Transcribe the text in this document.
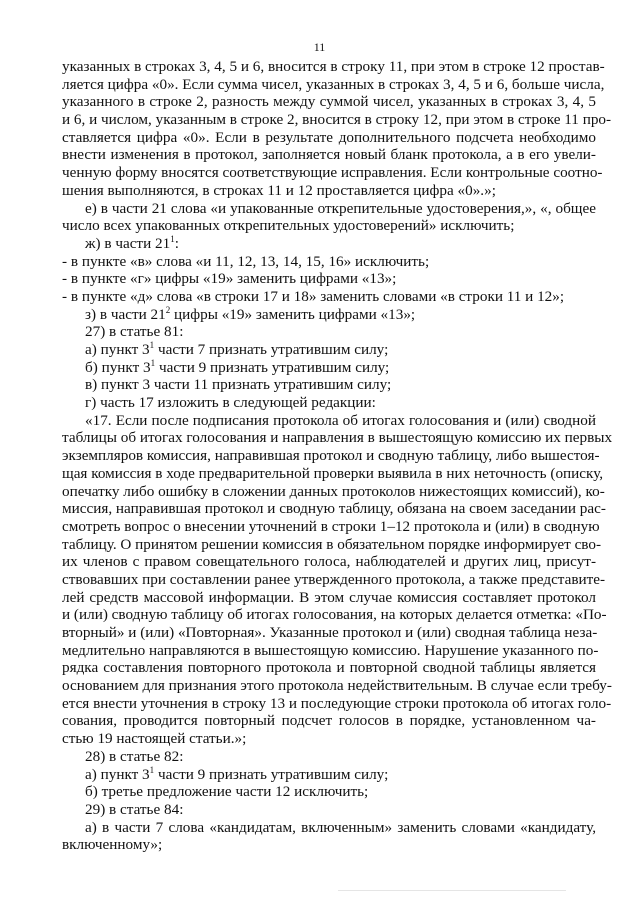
11
указанных в строках 3, 4, 5 и 6, вносится в строку 11, при этом в строке 12 простав-
ляется цифра «0». Если сумма чисел, указанных в строках 3, 4, 5 и 6, больше числа,
указанного в строке 2, разность между суммой чисел, указанных в строках 3, 4, 5
и 6, и числом, указанным в строке 2, вносится в строку 12, при этом в строке 11 про-
ставляется цифра «0». Если в результате дополнительного подсчета необходимо
внести изменения в протокол, заполняется новый бланк протокола, а в его увели-
ченную форму вносятся соответствующие исправления. Если контрольные соотно-
шения выполняются, в строках 11 и 12 проставляется цифра «0».»;
е) в части 21 слова «и упакованные открепительные удостоверения,», «, общее
число всех упакованных открепительных удостоверений» исключить;
ж) в части $21^1$:
- в пункте «в» слова «и 11, 12, 13, 14, 15, 16» исключить;
- в пункте «г» цифры «19» заменить цифрами «13»;
- в пункте «д» слова «в строки 17 и 18» заменить словами «в строки 11 и 12»;
з) в части $21^2$ цифры «19» заменить цифрами «13»;
27) в статье 81:
а) пункт $3^1$ части 7 признать утратившим силу;
б) пункт $3^1$ части 9 признать утратившим силу;
в) пункт 3 части 11 признать утратившим силу;
г) часть 17 изложить в следующей редакции:
«17. Если после подписания протокола об итогах голосования и (или) сводной
таблицы об итогах голосования и направления в вышестоящую комиссию их первых
экземпляров комиссия, направившая протокол и сводную таблицу, либо вышестоя-
щая комиссия в ходе предварительной проверки выявила в них неточность (описку,
опечатку либо ошибку в сложении данных протоколов нижестоящих комиссий), ко-
миссия, направившая протокол и сводную таблицу, обязана на своем заседании рас-
смотреть вопрос о внесении уточнений в строки 1–12 протокола и (или) в сводную
таблицу. О принятом решении комиссия в обязательном порядке информирует сво-
их членов с правом совещательного голоса, наблюдателей и других лиц, присут-
ствовавших при составлении ранее утвержденного протокола, а также представите-
лей средств массовой информации. В этом случае комиссия составляет протокол
и (или) сводную таблицу об итогах голосования, на которых делается отметка: «По-
вторный» и (или) «Повторная». Указанные протокол и (или) сводная таблица неза-
медлительно направляются в вышестоящую комиссию. Нарушение указанного по-
рядка составления повторного протокола и повторной сводной таблицы является
основанием для признания этого протокола недействительным. В случае если требу-
ется внести уточнения в строку 13 и последующие строки протокола об итогах голо-
сования, проводится повторный подсчет голосов в порядке, установленном ча-
стью 19 настоящей статьи.»;
28) в статье 82:
а) пункт $3^1$ части 9 признать утратившим силу;
б) третье предложение части 12 исключить;
29) в статье 84:
а) в части 7 слова «кандидатам, включенным» заменить словами «кандидату,
включенному»;
